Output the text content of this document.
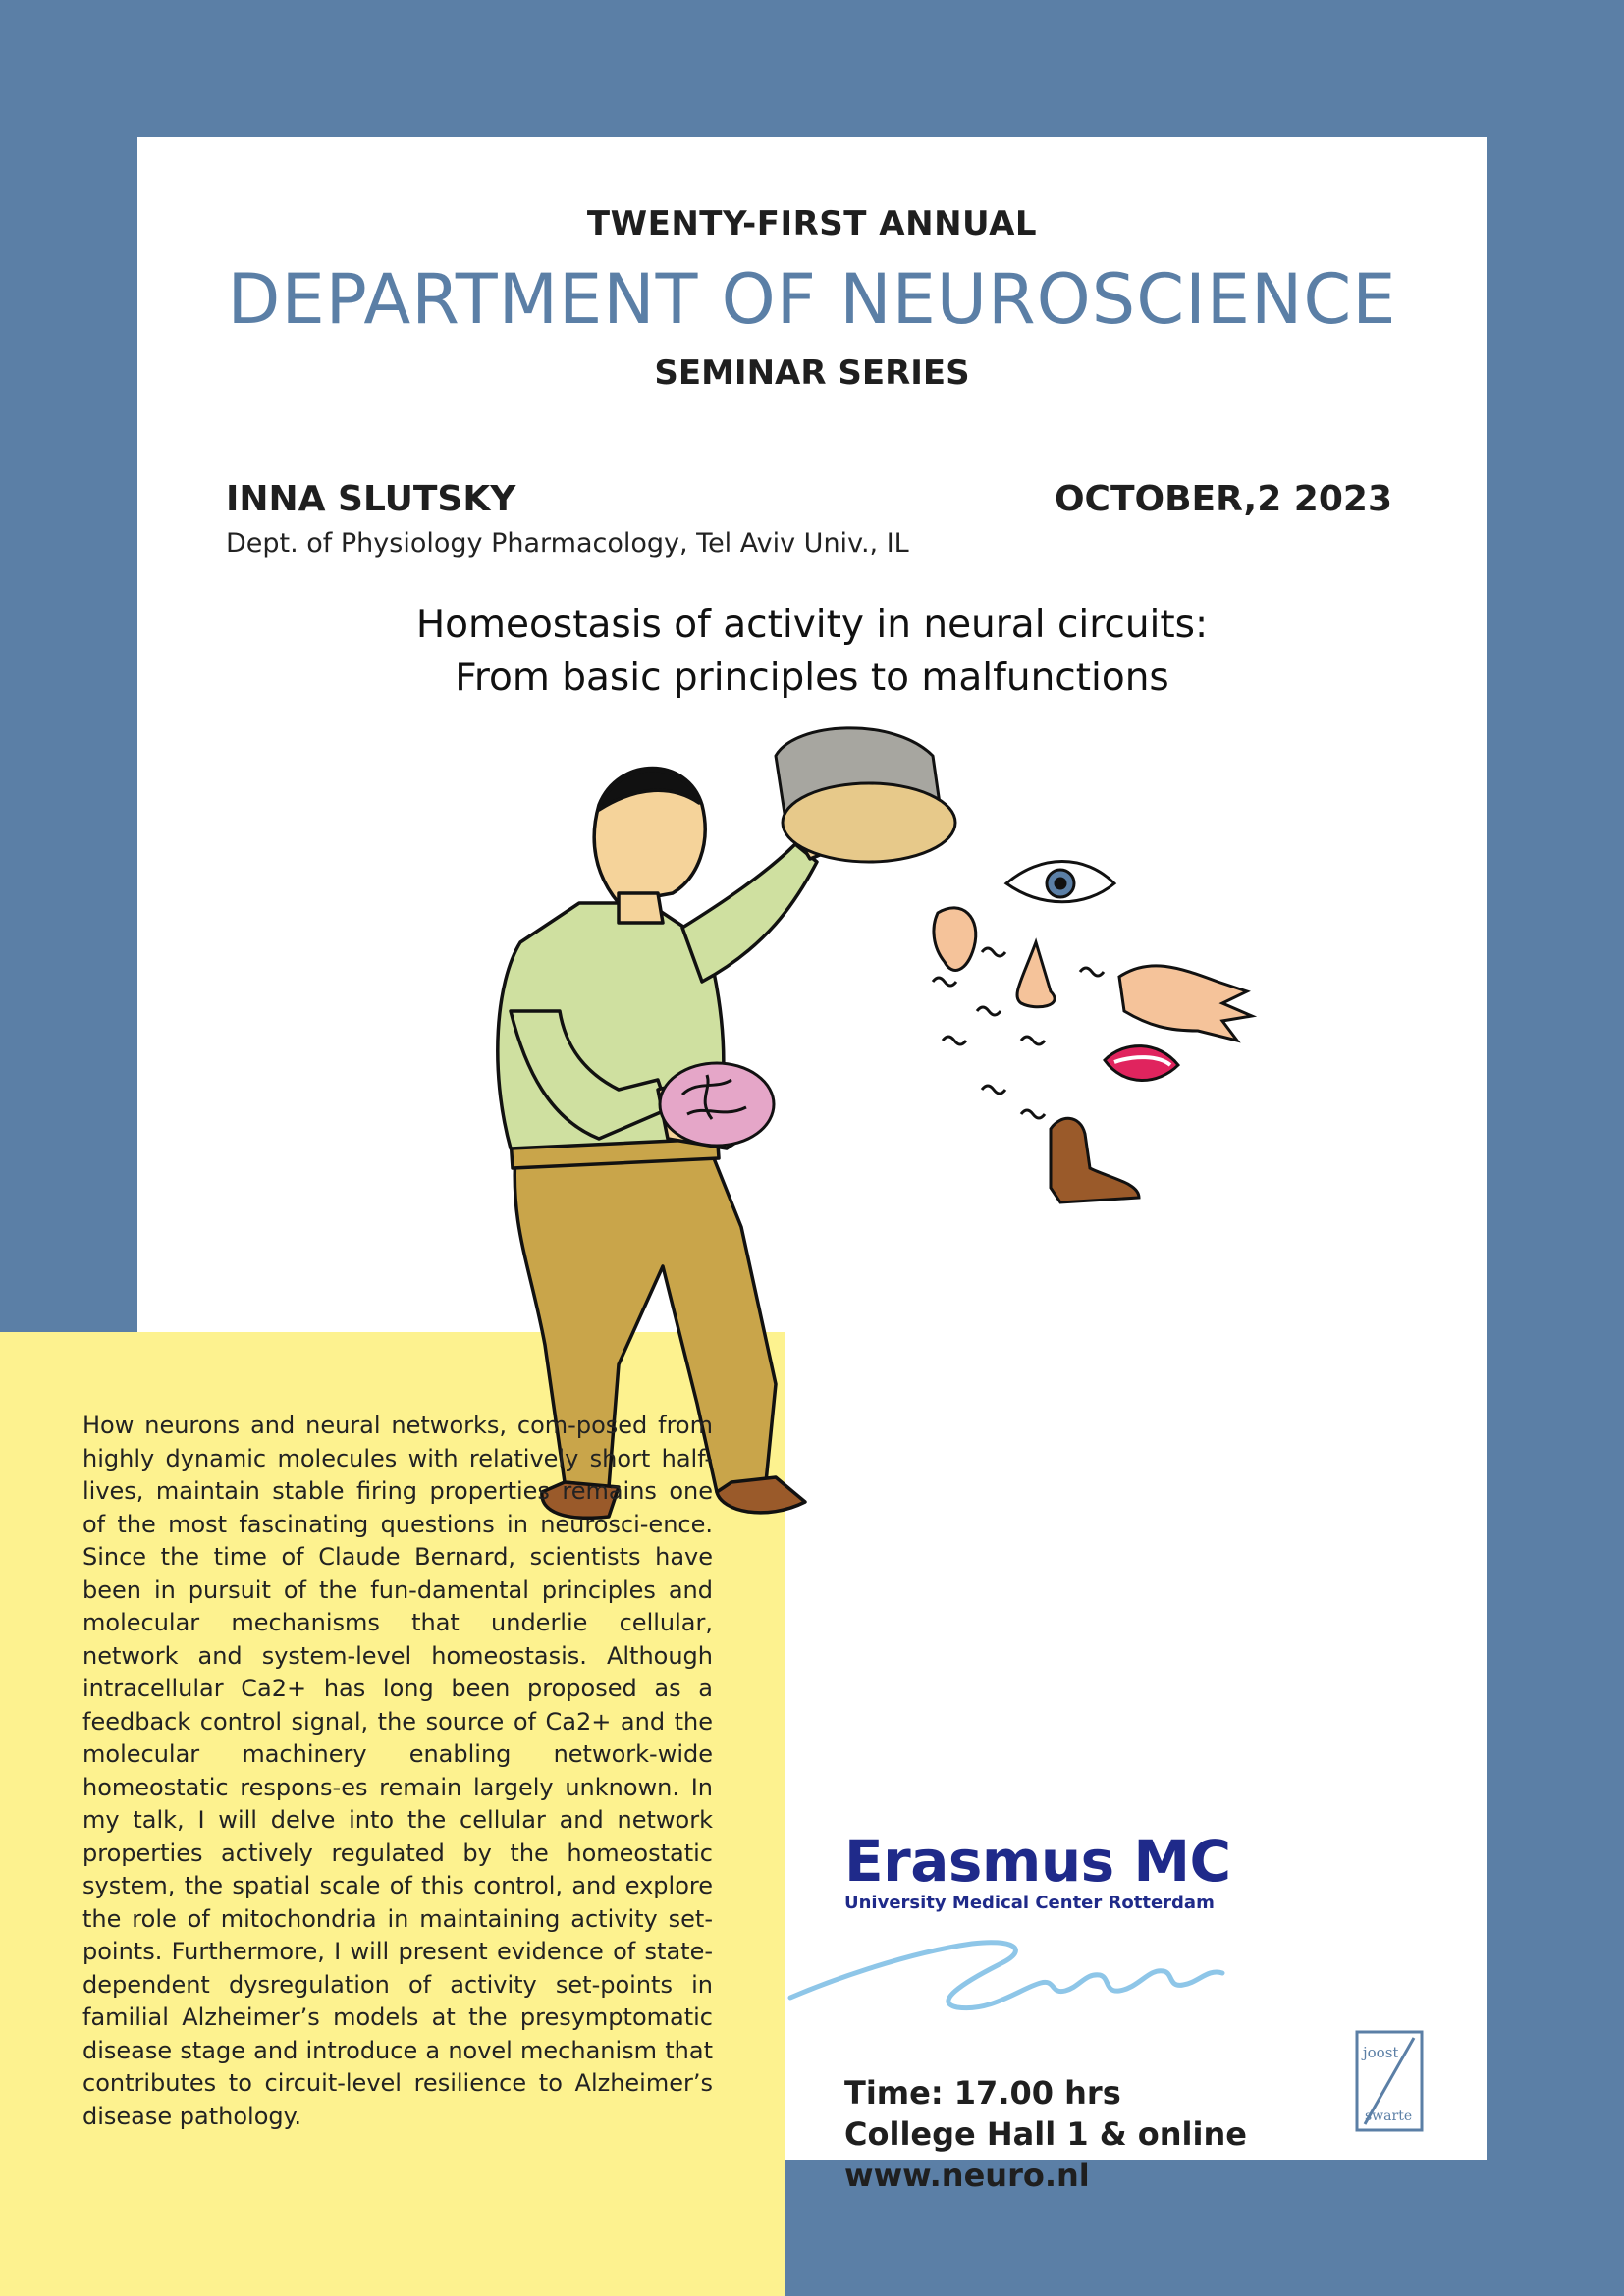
TWENTY-FIRST ANNUAL
DEPARTMENT OF NEUROSCIENCE
SEMINAR SERIES
INNA SLUTSKY
Dept. of Physiology Pharmacology, Tel Aviv Univ., IL
OCTOBER,2 2023
Homeostasis of activity in neural circuits:
From basic principles to malfunctions
How neurons and neural networks, com-posed from highly dynamic molecules with relatively short half-lives, maintain stable firing properties remains one of the most fascinating questions in neurosci-ence. Since the time of Claude Bernard, scientists have been in pursuit of the fun-damental principles and molecular mechanisms that underlie cellular, network and system-level homeostasis. Although intracellular Ca2+ has long been proposed as a feedback control signal, the source of Ca2+ and the molecular machinery enabling network-wide homeostatic respons-es remain largely unknown. In my talk, I will delve into the cellular and network properties actively regulated by the homeostatic system, the spatial scale of this control, and explore the role of mitochondria in maintaining activity set-points. Furthermore, I will present evidence of state-dependent dysregulation of activity set-points in familial Alzheimer’s models at the presymptomatic disease stage and introduce a novel mechanism that contributes to circuit-level resilience to Alzheimer’s disease pathology.
Erasmus MC
University Medical Center Rotterdam
Time: 17.00 hrs
College Hall 1 & online
www.neuro.nl
joost
swarte
